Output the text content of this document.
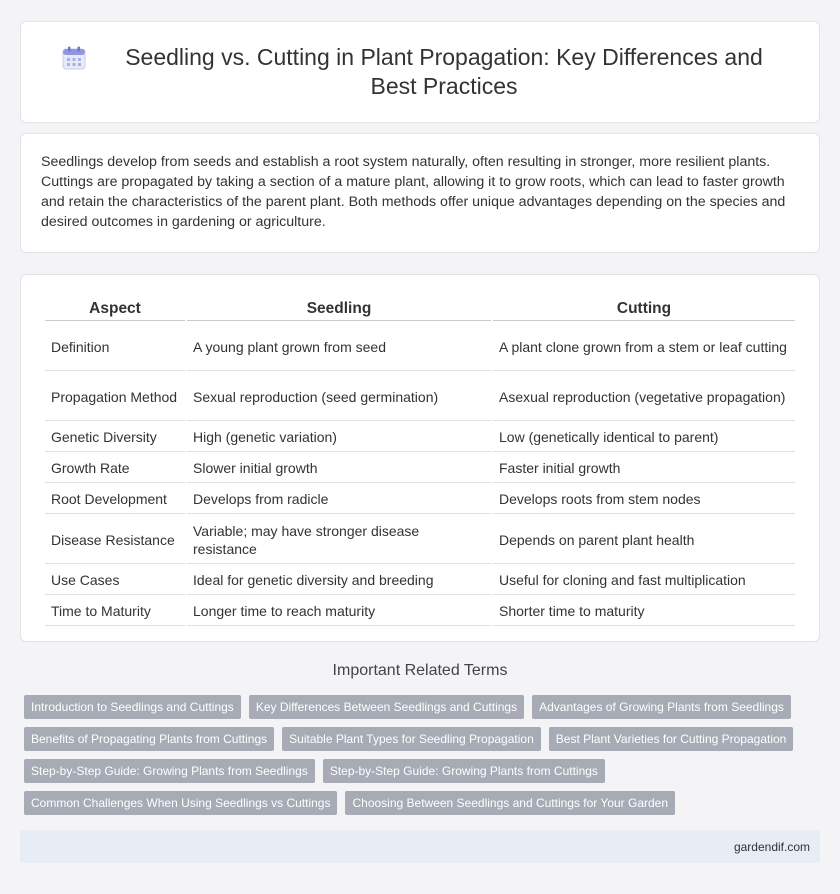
Seedling vs. Cutting in Plant Propagation: Key Differences and Best Practices

Seedlings develop from seeds and establish a root system naturally, often resulting in stronger, more resilient plants. Cuttings are propagated by taking a section of a mature plant, allowing it to grow roots, which can lead to faster growth and retain the characteristics of the parent plant. Both methods offer unique advantages depending on the species and desired outcomes in gardening or agriculture.

Aspect	Seedling	Cutting
Definition	A young plant grown from seed	A plant clone grown from a stem or leaf cutting
Propagation Method	Sexual reproduction (seed germination)	Asexual reproduction (vegetative propagation)
Genetic Diversity	High (genetic variation)	Low (genetically identical to parent)
Growth Rate	Slower initial growth	Faster initial growth
Root Development	Develops from radicle	Develops roots from stem nodes
Disease Resistance	Variable; may have stronger disease resistance	Depends on parent plant health
Use Cases	Ideal for genetic diversity and breeding	Useful for cloning and fast multiplication
Time to Maturity	Longer time to reach maturity	Shorter time to maturity
Important Related Terms
Introduction to Seedlings and Cuttings	Key Differences Between Seedlings and Cuttings	Advantages of Growing Plants from Seedlings
Benefits of Propagating Plants from Cuttings	Suitable Plant Types for Seedling Propagation	Best Plant Varieties for Cutting Propagation
Step-by-Step Guide: Growing Plants from Seedlings	Step-by-Step Guide: Growing Plants from Cuttings
Common Challenges When Using Seedlings vs Cuttings	Choosing Between Seedlings and Cuttings for Your Garden
gardendif.com
